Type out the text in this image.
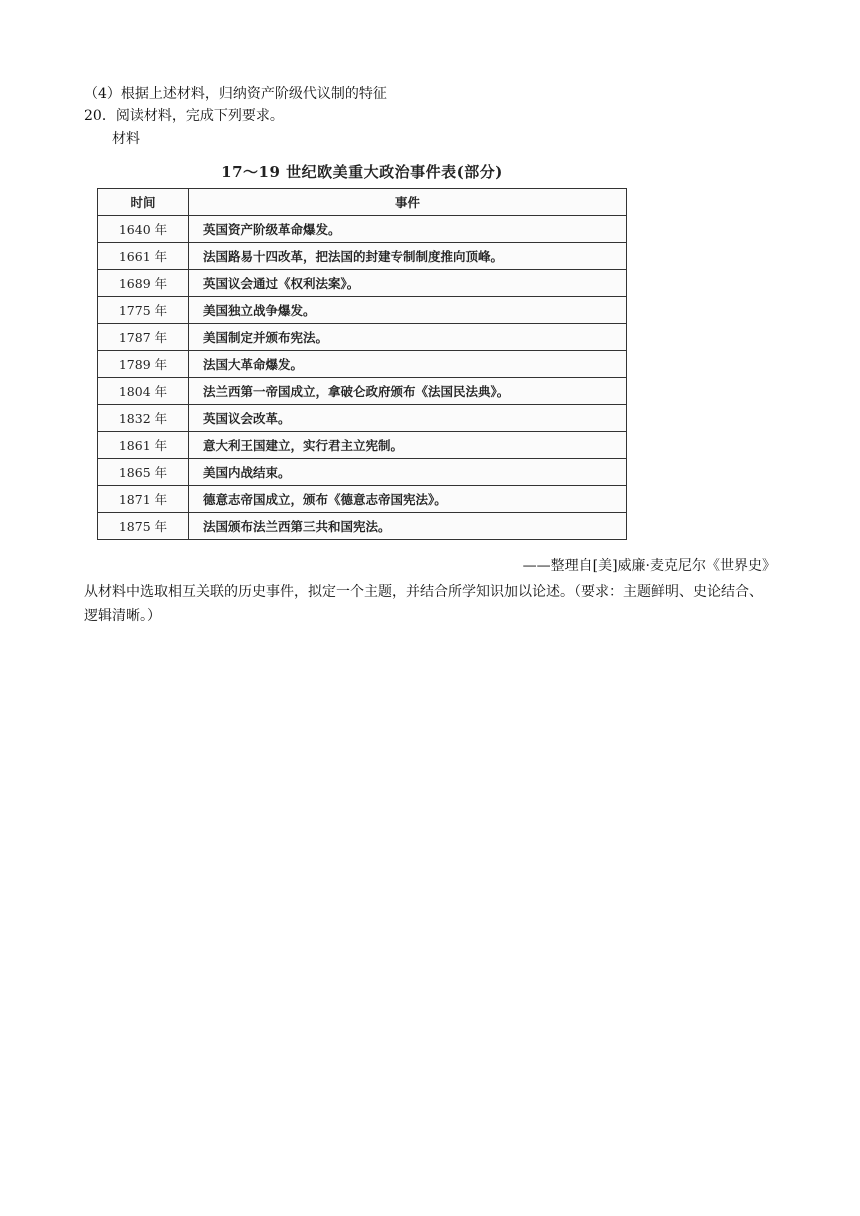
（4）根据上述材料，归纳资产阶级代议制的特征
20．阅读材料，完成下列要求。
材料
17～19 世纪欧美重大政治事件表(部分)
时间	事件
1640 年	英国资产阶级革命爆发。
1661 年	法国路易十四改革，把法国的封建专制制度推向顶峰。
1689 年	英国议会通过《权利法案》。
1775 年	美国独立战争爆发。
1787 年	美国制定并颁布宪法。
1789 年	法国大革命爆发。
1804 年	法兰西第一帝国成立，拿破仑政府颁布《法国民法典》。
1832 年	英国议会改革。
1861 年	意大利王国建立，实行君主立宪制。
1865 年	美国内战结束。
1871 年	德意志帝国成立，颁布《德意志帝国宪法》。
1875 年	法国颁布法兰西第三共和国宪法。
——整理自[美]威廉·麦克尼尔《世界史》
从材料中选取相互关联的历史事件，拟定一个主题，并结合所学知识加以论述。（要求：主题鲜明、史论结合、逻辑清晰。）
